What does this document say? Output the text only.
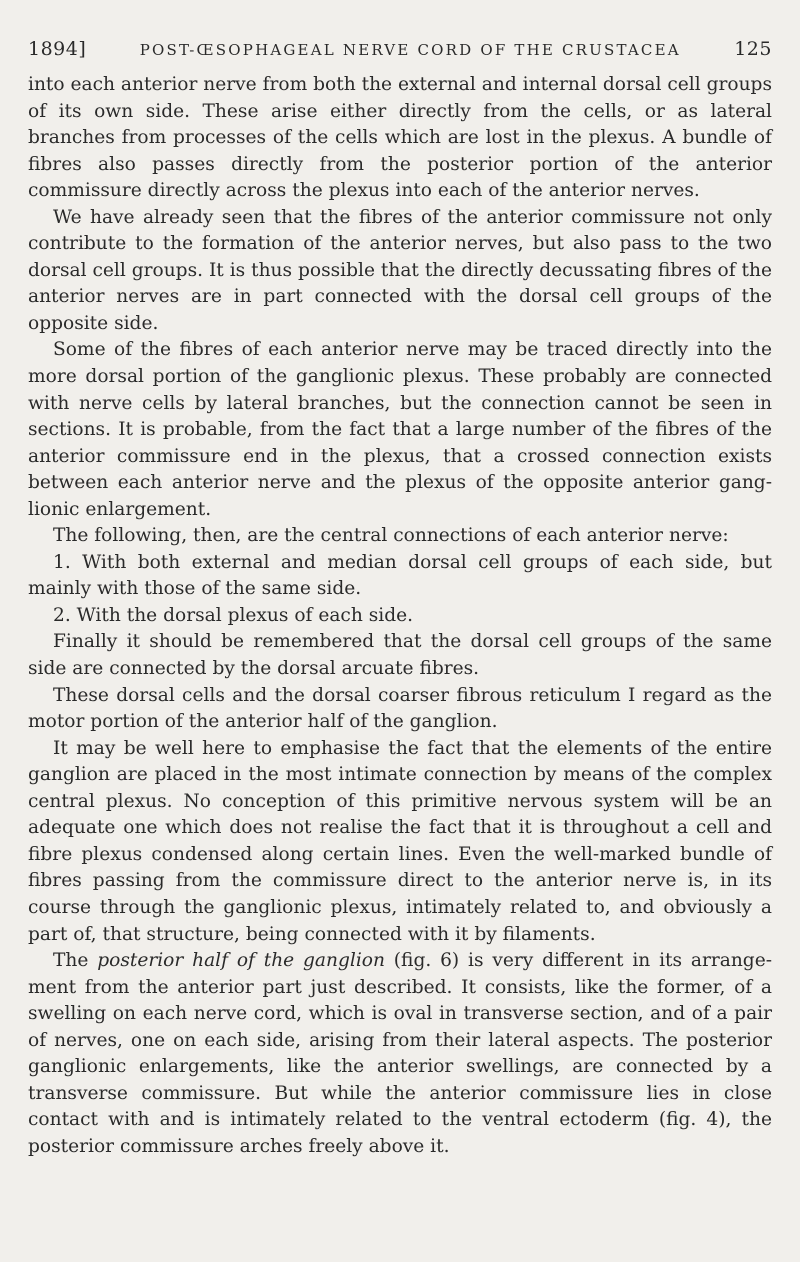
1894]	POST-ŒSOPHAGEAL NERVE CORD OF THE CRUSTACEA	125

into each anterior nerve from both the external and internal dorsal cell groups of its own side. These arise either directly from the cells, or as lateral branches from processes of the cells which are lost in the plexus. A bundle of fibres also passes directly from the posterior portion of the anterior commissure directly across the plexus into each of the anterior nerves.

We have already seen that the fibres of the anterior commissure not only contribute to the formation of the anterior nerves, but also pass to the two dorsal cell groups. It is thus possible that the directly decussating fibres of the anterior nerves are in part connected with the dorsal cell groups of the opposite side.

Some of the fibres of each anterior nerve may be traced directly into the more dorsal portion of the ganglionic plexus. These probably are connected with nerve cells by lateral branches, but the connection cannot be seen in sections. It is probable, from the fact that a large number of the fibres of the anterior commissure end in the plexus, that a crossed connection exists between each anterior nerve and the plexus of the opposite anterior gang-lionic enlargement.

The following, then, are the central connections of each anterior nerve:

1. With both external and median dorsal cell groups of each side, but mainly with those of the same side.

2. With the dorsal plexus of each side.

Finally it should be remembered that the dorsal cell groups of the same side are connected by the dorsal arcuate fibres.

These dorsal cells and the dorsal coarser fibrous reticulum I regard as the motor portion of the anterior half of the ganglion.

It may be well here to emphasise the fact that the elements of the entire ganglion are placed in the most intimate connection by means of the complex central plexus. No conception of this primitive nervous system will be an adequate one which does not realise the fact that it is throughout a cell and fibre plexus condensed along certain lines. Even the well-marked bundle of fibres passing from the commissure direct to the anterior nerve is, in its course through the ganglionic plexus, intimately related to, and obviously a part of, that structure, being connected with it by filaments.

The posterior half of the ganglion (fig. 6) is very different in its arrange-ment from the anterior part just described. It consists, like the former, of a swelling on each nerve cord, which is oval in transverse section, and of a pair of nerves, one on each side, arising from their lateral aspects. The posterior ganglionic enlargements, like the anterior swellings, are connected by a transverse commissure. But while the anterior commissure lies in close contact with and is intimately related to the ventral ectoderm (fig. 4), the posterior commissure arches freely above it.
